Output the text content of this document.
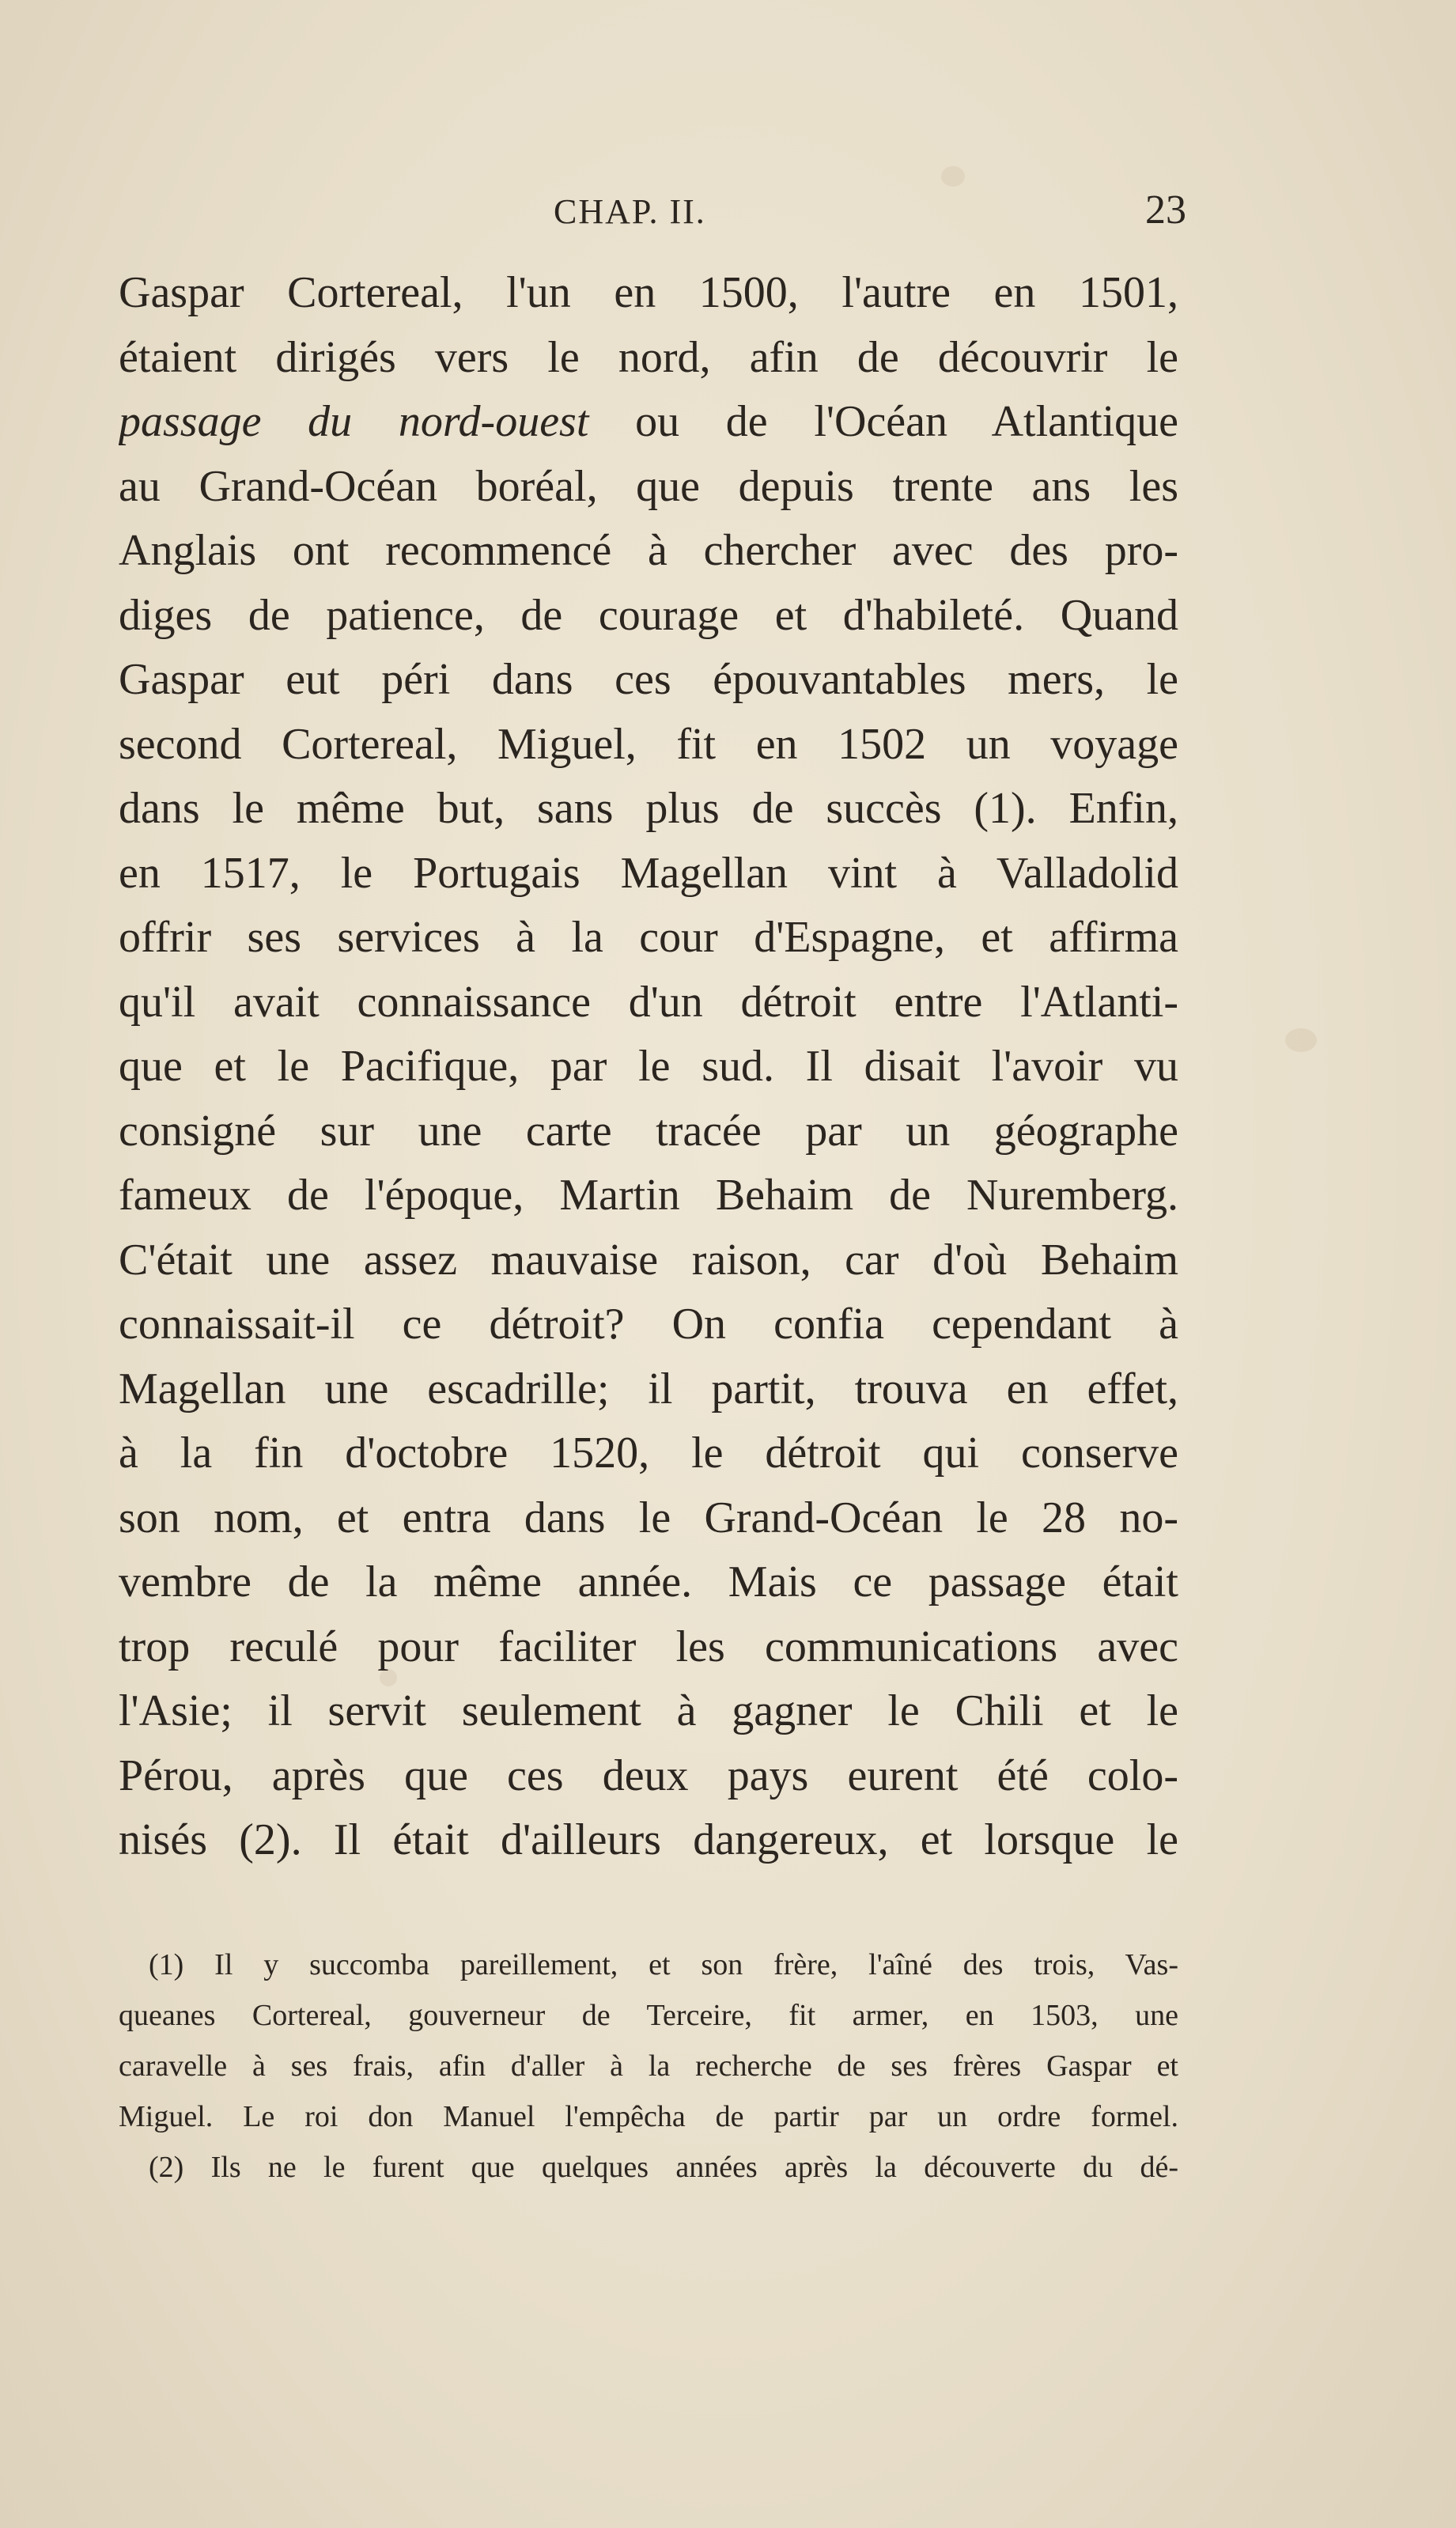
CHAP. II.	23
Gaspar Cortereal, l'un en 1500, l'autre en 1501,
étaient dirigés vers le nord, afin de découvrir le
passage du nord-ouest ou de l'Océan Atlantique
au Grand-Océan boréal, que depuis trente ans les
Anglais ont recommencé à chercher avec des pro-
diges de patience, de courage et d'habileté. Quand
Gaspar eut péri dans ces épouvantables mers, le
second Cortereal, Miguel, fit en 1502 un voyage
dans le même but, sans plus de succès (1). Enfin,
en 1517, le Portugais Magellan vint à Valladolid
offrir ses services à la cour d'Espagne, et affirma
qu'il avait connaissance d'un détroit entre l'Atlanti-
que et le Pacifique, par le sud. Il disait l'avoir vu
consigné sur une carte tracée par un géographe
fameux de l'époque, Martin Behaim de Nuremberg.
C'était une assez mauvaise raison, car d'où Behaim
connaissait-il ce détroit? On confia cependant à
Magellan une escadrille; il partit, trouva en effet,
à la fin d'octobre 1520, le détroit qui conserve
son nom, et entra dans le Grand-Océan le 28 no-
vembre de la même année. Mais ce passage était
trop reculé pour faciliter les communications avec
l'Asie; il servit seulement à gagner le Chili et le
Pérou, après que ces deux pays eurent été colo-
nisés (2). Il était d'ailleurs dangereux, et lorsque le
(1) Il y succomba pareillement, et son frère, l'aîné des trois, Vas-
queanes Cortereal, gouverneur de Terceire, fit armer, en 1503, une
caravelle à ses frais, afin d'aller à la recherche de ses frères Gaspar et
Miguel. Le roi don Manuel l'empêcha de partir par un ordre formel.
(2) Ils ne le furent que quelques années après la découverte du dé-
